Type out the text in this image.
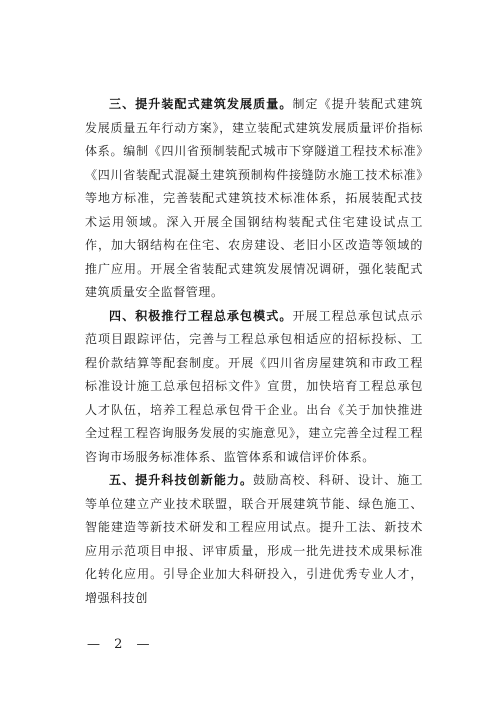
三、提升装配式建筑发展质量。制定《提升装配式建筑发展质量五年行动方案》，建立装配式建筑发展质量评价指标体系。编制《四川省预制装配式城市下穿隧道工程技术标准》《四川省装配式混凝土建筑预制构件接缝防水施工技术标准》等地方标准，完善装配式建筑技术标准体系，拓展装配式技术运用领域。深入开展全国钢结构装配式住宅建设试点工作，加大钢结构在住宅、农房建设、老旧小区改造等领域的推广应用。开展全省装配式建筑发展情况调研，强化装配式建筑质量安全监督管理。

四、积极推行工程总承包模式。开展工程总承包试点示范项目跟踪评估，完善与工程总承包相适应的招标投标、工程价款结算等配套制度。开展《四川省房屋建筑和市政工程标准设计施工总承包招标文件》宣贯，加快培育工程总承包人才队伍，培养工程总承包骨干企业。出台《关于加快推进全过程工程咨询服务发展的实施意见》，建立完善全过程工程咨询市场服务标准体系、监管体系和诚信评价体系。

五、提升科技创新能力。鼓励高校、科研、设计、施工等单位建立产业技术联盟，联合开展建筑节能、绿色施工、智能建造等新技术研发和工程应用试点。提升工法、新技术应用示范项目申报、评审质量，形成一批先进技术成果标准化转化应用。引导企业加大科研投入，引进优秀专业人才，增强科技创

— 2 —
